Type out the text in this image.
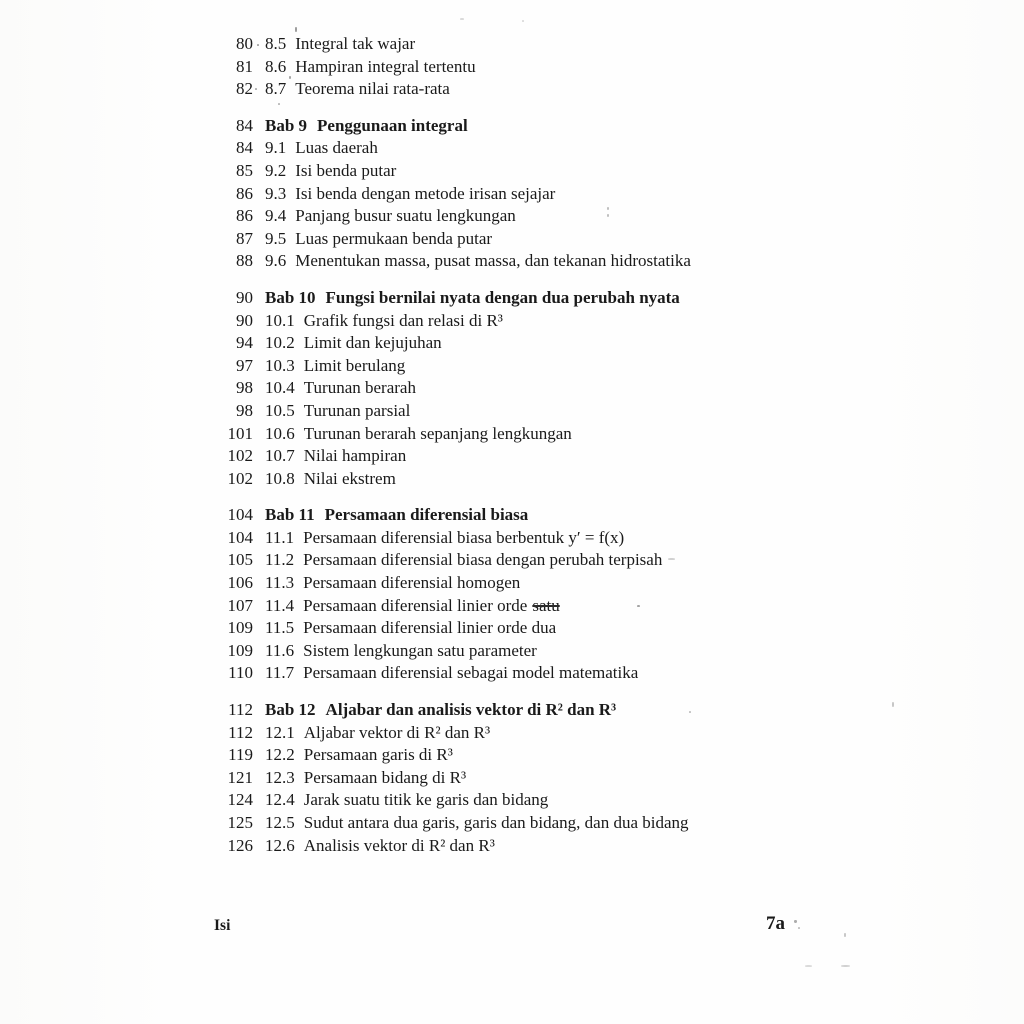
80 8.5 Integral tak wajar
81 8.6 Hampiran integral tertentu
82 8.7 Teorema nilai rata-rata
84 Bab 9 Penggunaan integral
84 9.1 Luas daerah
85 9.2 Isi benda putar
86 9.3 Isi benda dengan metode irisan sejajar
86 9.4 Panjang busur suatu lengkungan
87 9.5 Luas permukaan benda putar
88 9.6 Menentukan massa, pusat massa, dan tekanan hidrostatika
90 Bab 10 Fungsi bernilai nyata dengan dua perubah nyata
90 10.1 Grafik fungsi dan relasi di R³
94 10.2 Limit dan kejujuhan
97 10.3 Limit berulang
98 10.4 Turunan berarah
98 10.5 Turunan parsial
101 10.6 Turunan berarah sepanjang lengkungan
102 10.7 Nilai hampiran
102 10.8 Nilai ekstrem
104 Bab 11 Persamaan diferensial biasa
104 11.1 Persamaan diferensial biasa berbentuk y′ = f(x)
105 11.2 Persamaan diferensial biasa dengan perubah terpisah
106 11.3 Persamaan diferensial homogen
107 11.4 Persamaan diferensial linier orde satu
109 11.5 Persamaan diferensial linier orde dua
109 11.6 Sistem lengkungan satu parameter
110 11.7 Persamaan diferensial sebagai model matematika
112 Bab 12 Aljabar dan analisis vektor di R² dan R³
112 12.1 Aljabar vektor di R² dan R³
119 12.2 Persamaan garis di R³
121 12.3 Persamaan bidang di R³
124 12.4 Jarak suatu titik ke garis dan bidang
125 12.5 Sudut antara dua garis, garis dan bidang, dan dua bidang
126 12.6 Analisis vektor di R² dan R³
Isi	7a
